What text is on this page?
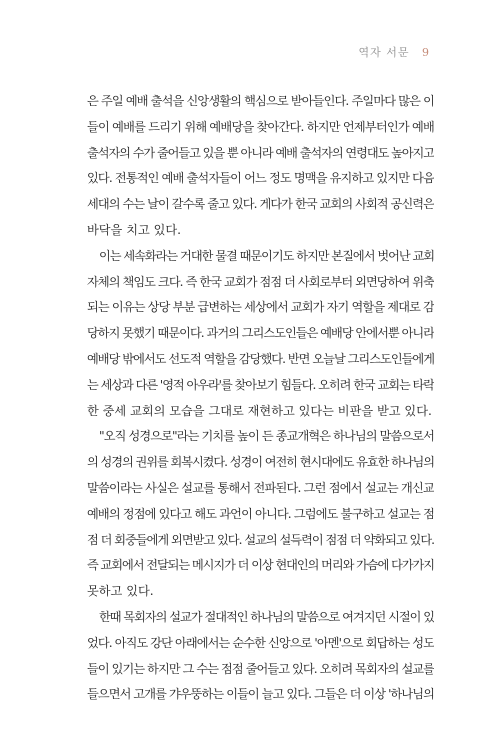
역자 서문 9
은 주일 예배 출석을 신앙생활의 핵심으로 받아들인다. 주일마다 많은 이
들이 예배를 드리기 위해 예배당을 찾아간다. 하지만 언제부터인가 예배
출석자의 수가 줄어들고 있을 뿐 아니라 예배 출석자의 연령대도 높아지고
있다. 전통적인 예배 출석자들이 어느 정도 명맥을 유지하고 있지만 다음
세대의 수는 날이 갈수록 줄고 있다. 게다가 한국 교회의 사회적 공신력은
바닥을 치고 있다.
이는 세속화라는 거대한 물결 때문이기도 하지만 본질에서 벗어난 교회
자체의 책임도 크다. 즉 한국 교회가 점점 더 사회로부터 외면당하여 위축
되는 이유는 상당 부분 급변하는 세상에서 교회가 자기 역할을 제대로 감
당하지 못했기 때문이다. 과거의 그리스도인들은 예배당 안에서뿐 아니라
예배당 밖에서도 선도적 역할을 감당했다. 반면 오늘날 그리스도인들에게
는 세상과 다른 '영적 아우라'를 찾아보기 힘들다. 오히려 한국 교회는 타락
한 중세 교회의 모습을 그대로 재현하고 있다는 비판을 받고 있다.
"오직 성경으로"라는 기치를 높이 든 종교개혁은 하나님의 말씀으로서
의 성경의 권위를 회복시켰다. 성경이 여전히 현시대에도 유효한 하나님의
말씀이라는 사실은 설교를 통해서 전파된다. 그런 점에서 설교는 개신교
예배의 정점에 있다고 해도 과언이 아니다. 그럼에도 불구하고 설교는 점
점 더 회중들에게 외면받고 있다. 설교의 설득력이 점점 더 약화되고 있다.
즉 교회에서 전달되는 메시지가 더 이상 현대인의 머리와 가슴에 다가가지
못하고 있다.
한때 목회자의 설교가 절대적인 하나님의 말씀으로 여겨지던 시절이 있
었다. 아직도 강단 아래에서는 순수한 신앙으로 '아멘'으로 회답하는 성도
들이 있기는 하지만 그 수는 점점 줄어들고 있다. 오히려 목회자의 설교를
들으면서 고개를 갸우뚱하는 이들이 늘고 있다. 그들은 더 이상 '하나님의
